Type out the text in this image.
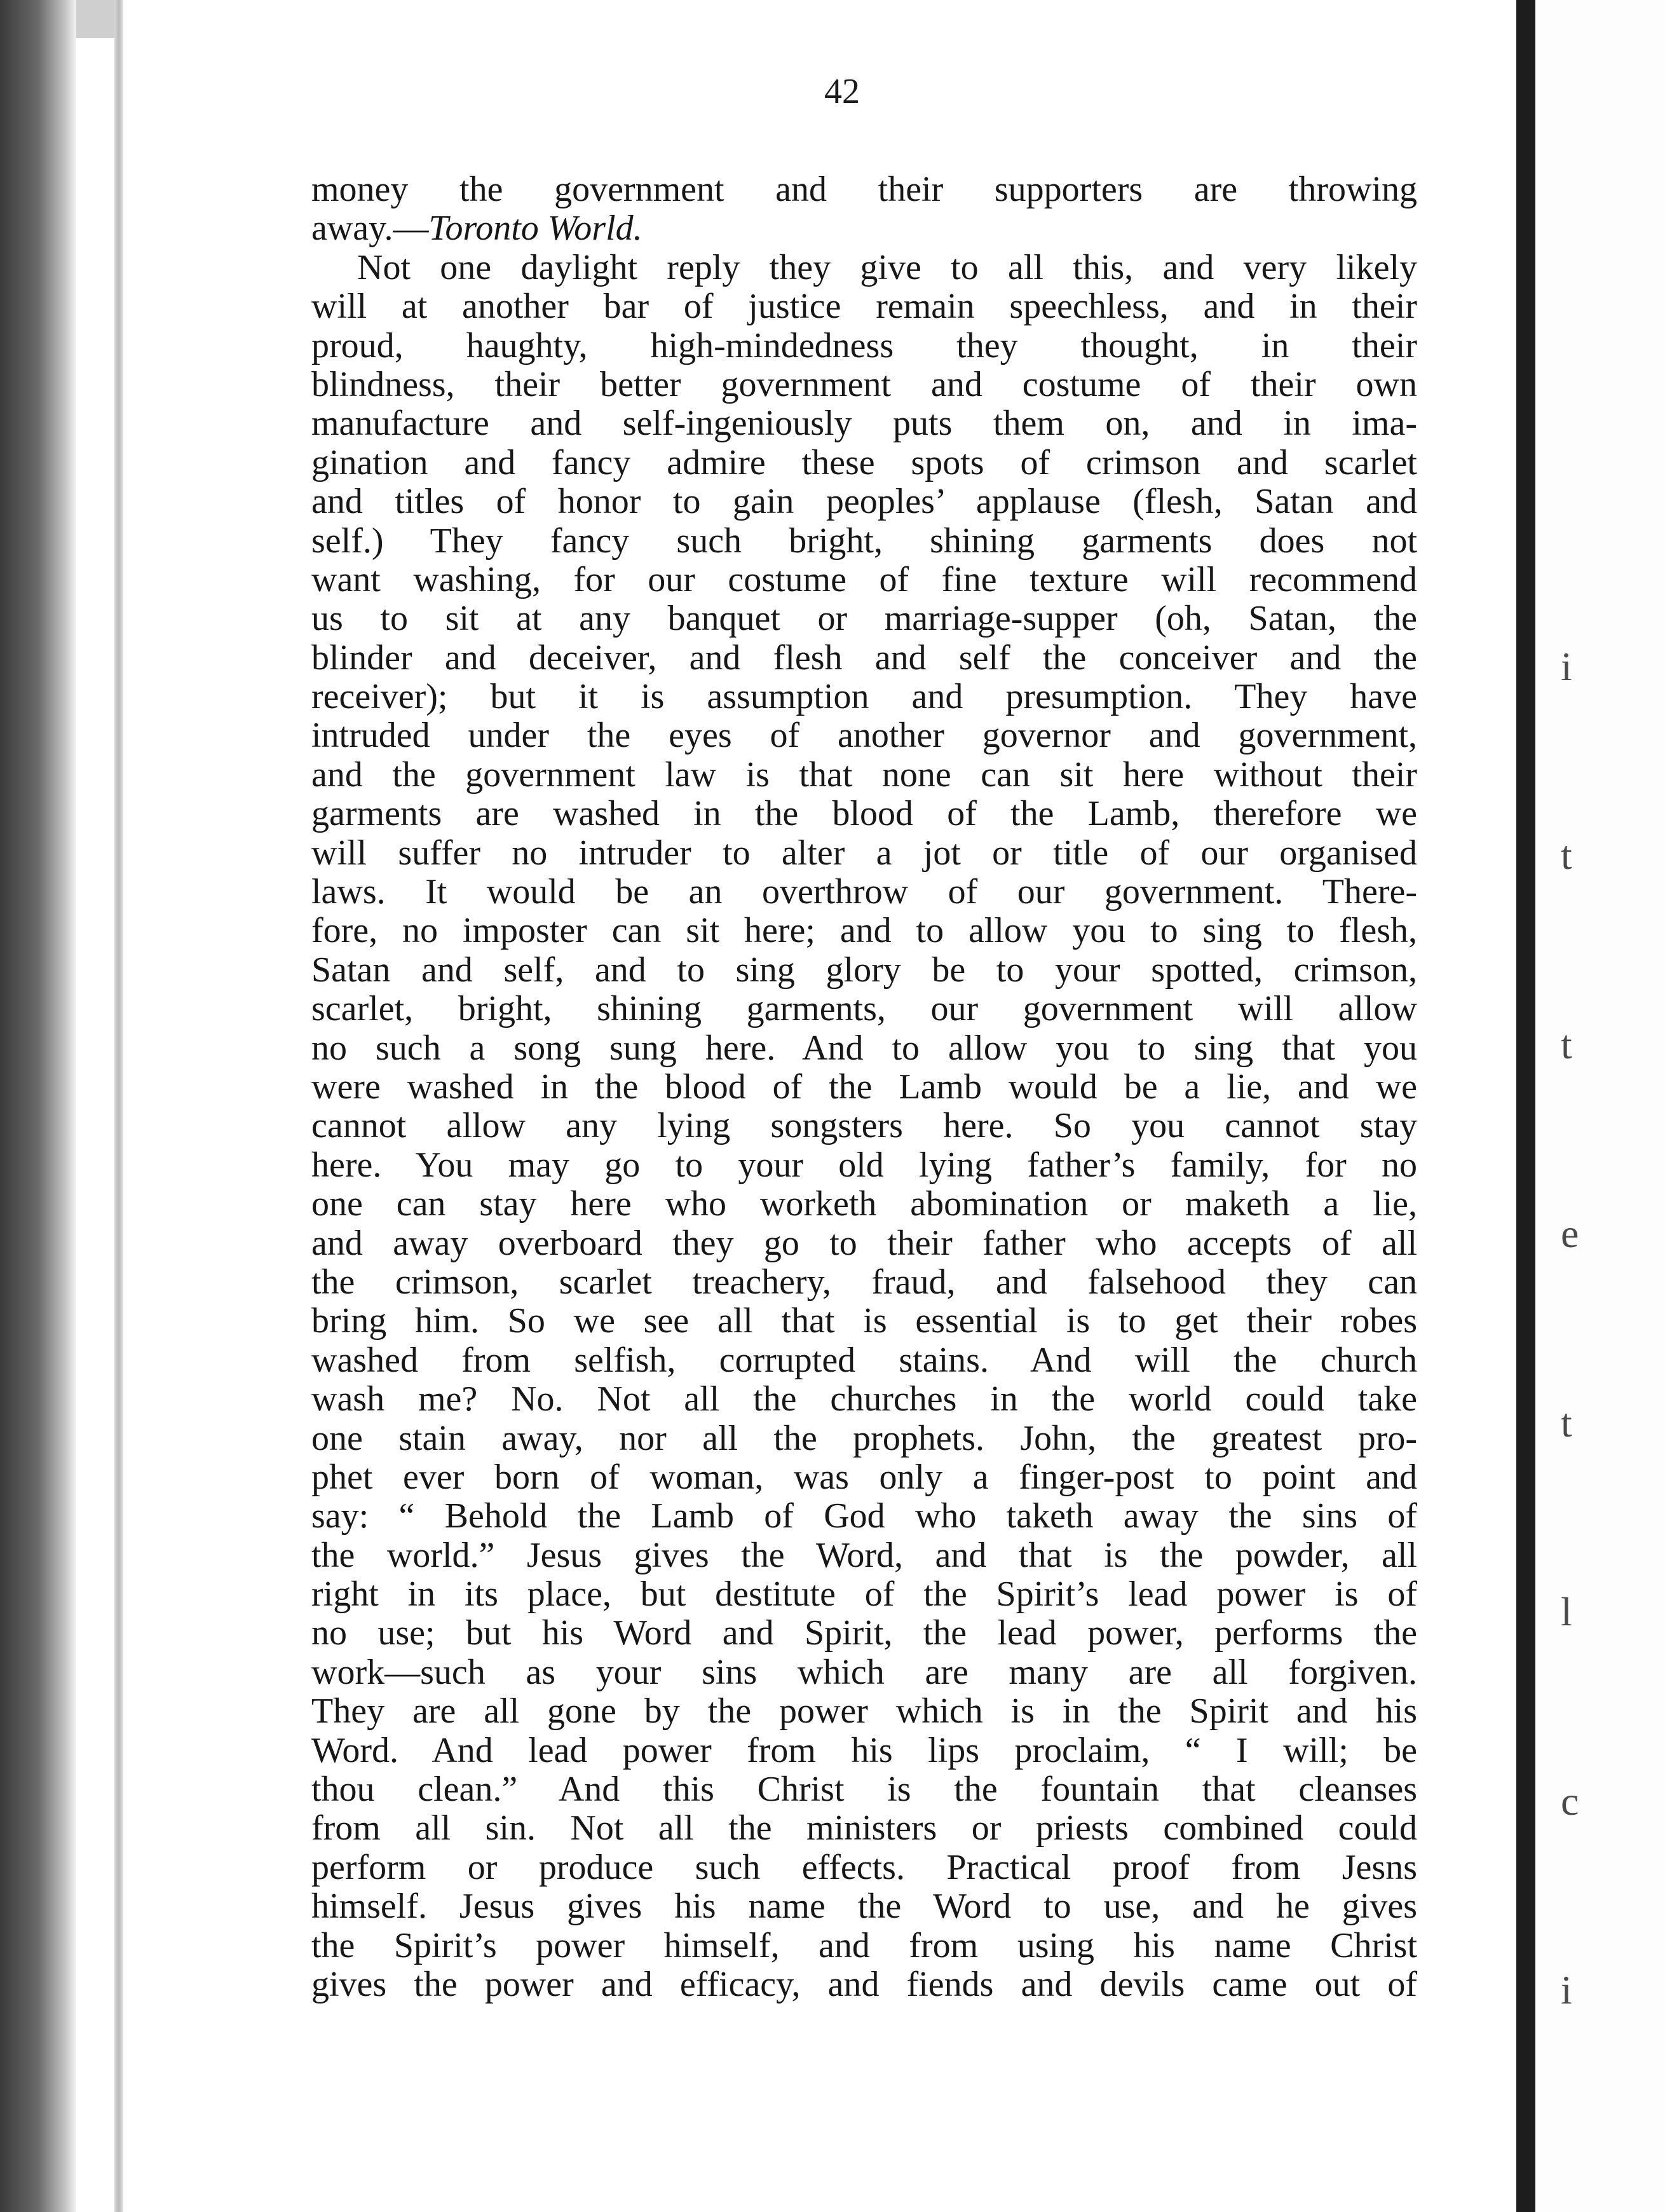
42
money the government and their supporters are throwing
away.—Toronto World.
Not one daylight reply they give to all this, and very likely
will at another bar of justice remain speechless, and in their
proud, haughty, high-mindedness they thought, in their
blindness, their better government and costume of their own
manufacture and self-ingeniously puts them on, and in ima-
gination and fancy admire these spots of crimson and scarlet
and titles of honor to gain peoples’ applause (flesh, Satan and
self.) They fancy such bright, shining garments does not
want washing, for our costume of fine texture will recommend
us to sit at any banquet or marriage-supper (oh, Satan, the
blinder and deceiver, and flesh and self the conceiver and the
receiver); but it is assumption and presumption. They have
intruded under the eyes of another governor and government,
and the government law is that none can sit here without their
garments are washed in the blood of the Lamb, therefore we
will suffer no intruder to alter a jot or title of our organised
laws. It would be an overthrow of our government. There-
fore, no imposter can sit here; and to allow you to sing to flesh,
Satan and self, and to sing glory be to your spotted, crimson,
scarlet, bright, shining garments, our government will allow
no such a song sung here. And to allow you to sing that you
were washed in the blood of the Lamb would be a lie, and we
cannot allow any lying songsters here. So you cannot stay
here. You may go to your old lying father’s family, for no
one can stay here who worketh abomination or maketh a lie,
and away overboard they go to their father who accepts of all
the crimson, scarlet treachery, fraud, and falsehood they can
bring him. So we see all that is essential is to get their robes
washed from selfish, corrupted stains. And will the church
wash me? No. Not all the churches in the world could take
one stain away, nor all the prophets. John, the greatest pro-
phet ever born of woman, was only a finger-post to point and
say: “ Behold the Lamb of God who taketh away the sins of
the world.” Jesus gives the Word, and that is the powder, all
right in its place, but destitute of the Spirit’s lead power is of
no use; but his Word and Spirit, the lead power, performs the
work—such as your sins which are many are all forgiven.
They are all gone by the power which is in the Spirit and his
Word. And lead power from his lips proclaim, “ I will; be
thou clean.” And this Christ is the fountain that cleanses
from all sin. Not all the ministers or priests combined could
perform or produce such effects. Practical proof from Jesns
himself. Jesus gives his name the Word to use, and he gives
the Spirit’s power himself, and from using his name Christ
gives the power and efficacy, and fiends and devils came out of
i
t
t
e
t
l
c
i
